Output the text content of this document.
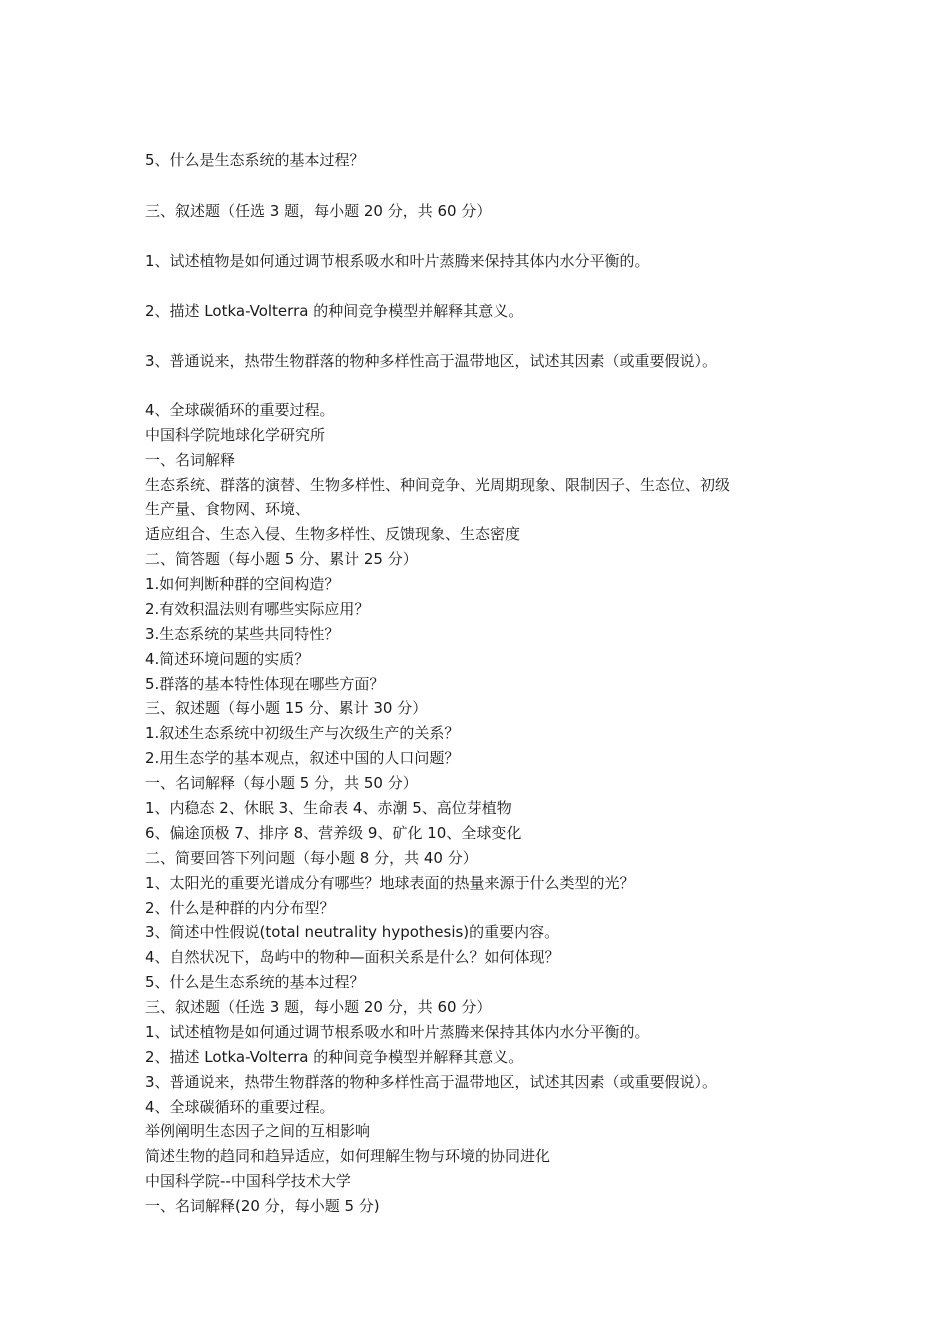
5、什么是生态系统的基本过程？
三、叙述题（任选 3 题，每小题 20 分，共 60 分）
1、试述植物是如何通过调节根系吸水和叶片蒸腾来保持其体内水分平衡的。
2、描述 Lotka-Volterra 的种间竞争模型并解释其意义。
3、普通说来，热带生物群落的物种多样性高于温带地区，试述其因素（或重要假说）。
4、全球碳循环的重要过程。
中国科学院地球化学研究所
一、名词解释
生态系统、群落的演替、生物多样性、种间竞争、光周期现象、限制因子、生态位、初级
生产量、食物网、环境、
适应组合、生态入侵、生物多样性、反馈现象、生态密度
二、简答题（每小题 5 分、累计 25 分）
1.如何判断种群的空间构造？
2.有效积温法则有哪些实际应用？
3.生态系统的某些共同特性？
4.简述环境问题的实质？
5.群落的基本特性体现在哪些方面？
三、叙述题（每小题 15 分、累计 30 分）
1.叙述生态系统中初级生产与次级生产的关系？
2.用生态学的基本观点，叙述中国的人口问题？
一、名词解释（每小题 5 分，共 50 分）
1、内稳态 2、休眠 3、生命表 4、赤潮 5、高位芽植物
6、偏途顶极 7、排序 8、营养级 9、矿化 10、全球变化
二、简要回答下列问题（每小题 8 分，共 40 分）
1、太阳光的重要光谱成分有哪些？地球表面的热量来源于什么类型的光？
2、什么是种群的内分布型？
3、简述中性假说(total neutrality hypothesis)的重要内容。
4、自然状况下，岛屿中的物种—面积关系是什么？如何体现？
5、什么是生态系统的基本过程？
三、叙述题（任选 3 题，每小题 20 分，共 60 分）
1、试述植物是如何通过调节根系吸水和叶片蒸腾来保持其体内水分平衡的。
2、描述 Lotka-Volterra 的种间竞争模型并解释其意义。
3、普通说来，热带生物群落的物种多样性高于温带地区，试述其因素（或重要假说）。
4、全球碳循环的重要过程。
举例阐明生态因子之间的互相影响
简述生物的趋同和趋异适应，如何理解生物与环境的协同进化
中国科学院--中国科学技术大学
一、名词解释(20 分，每小题 5 分)
